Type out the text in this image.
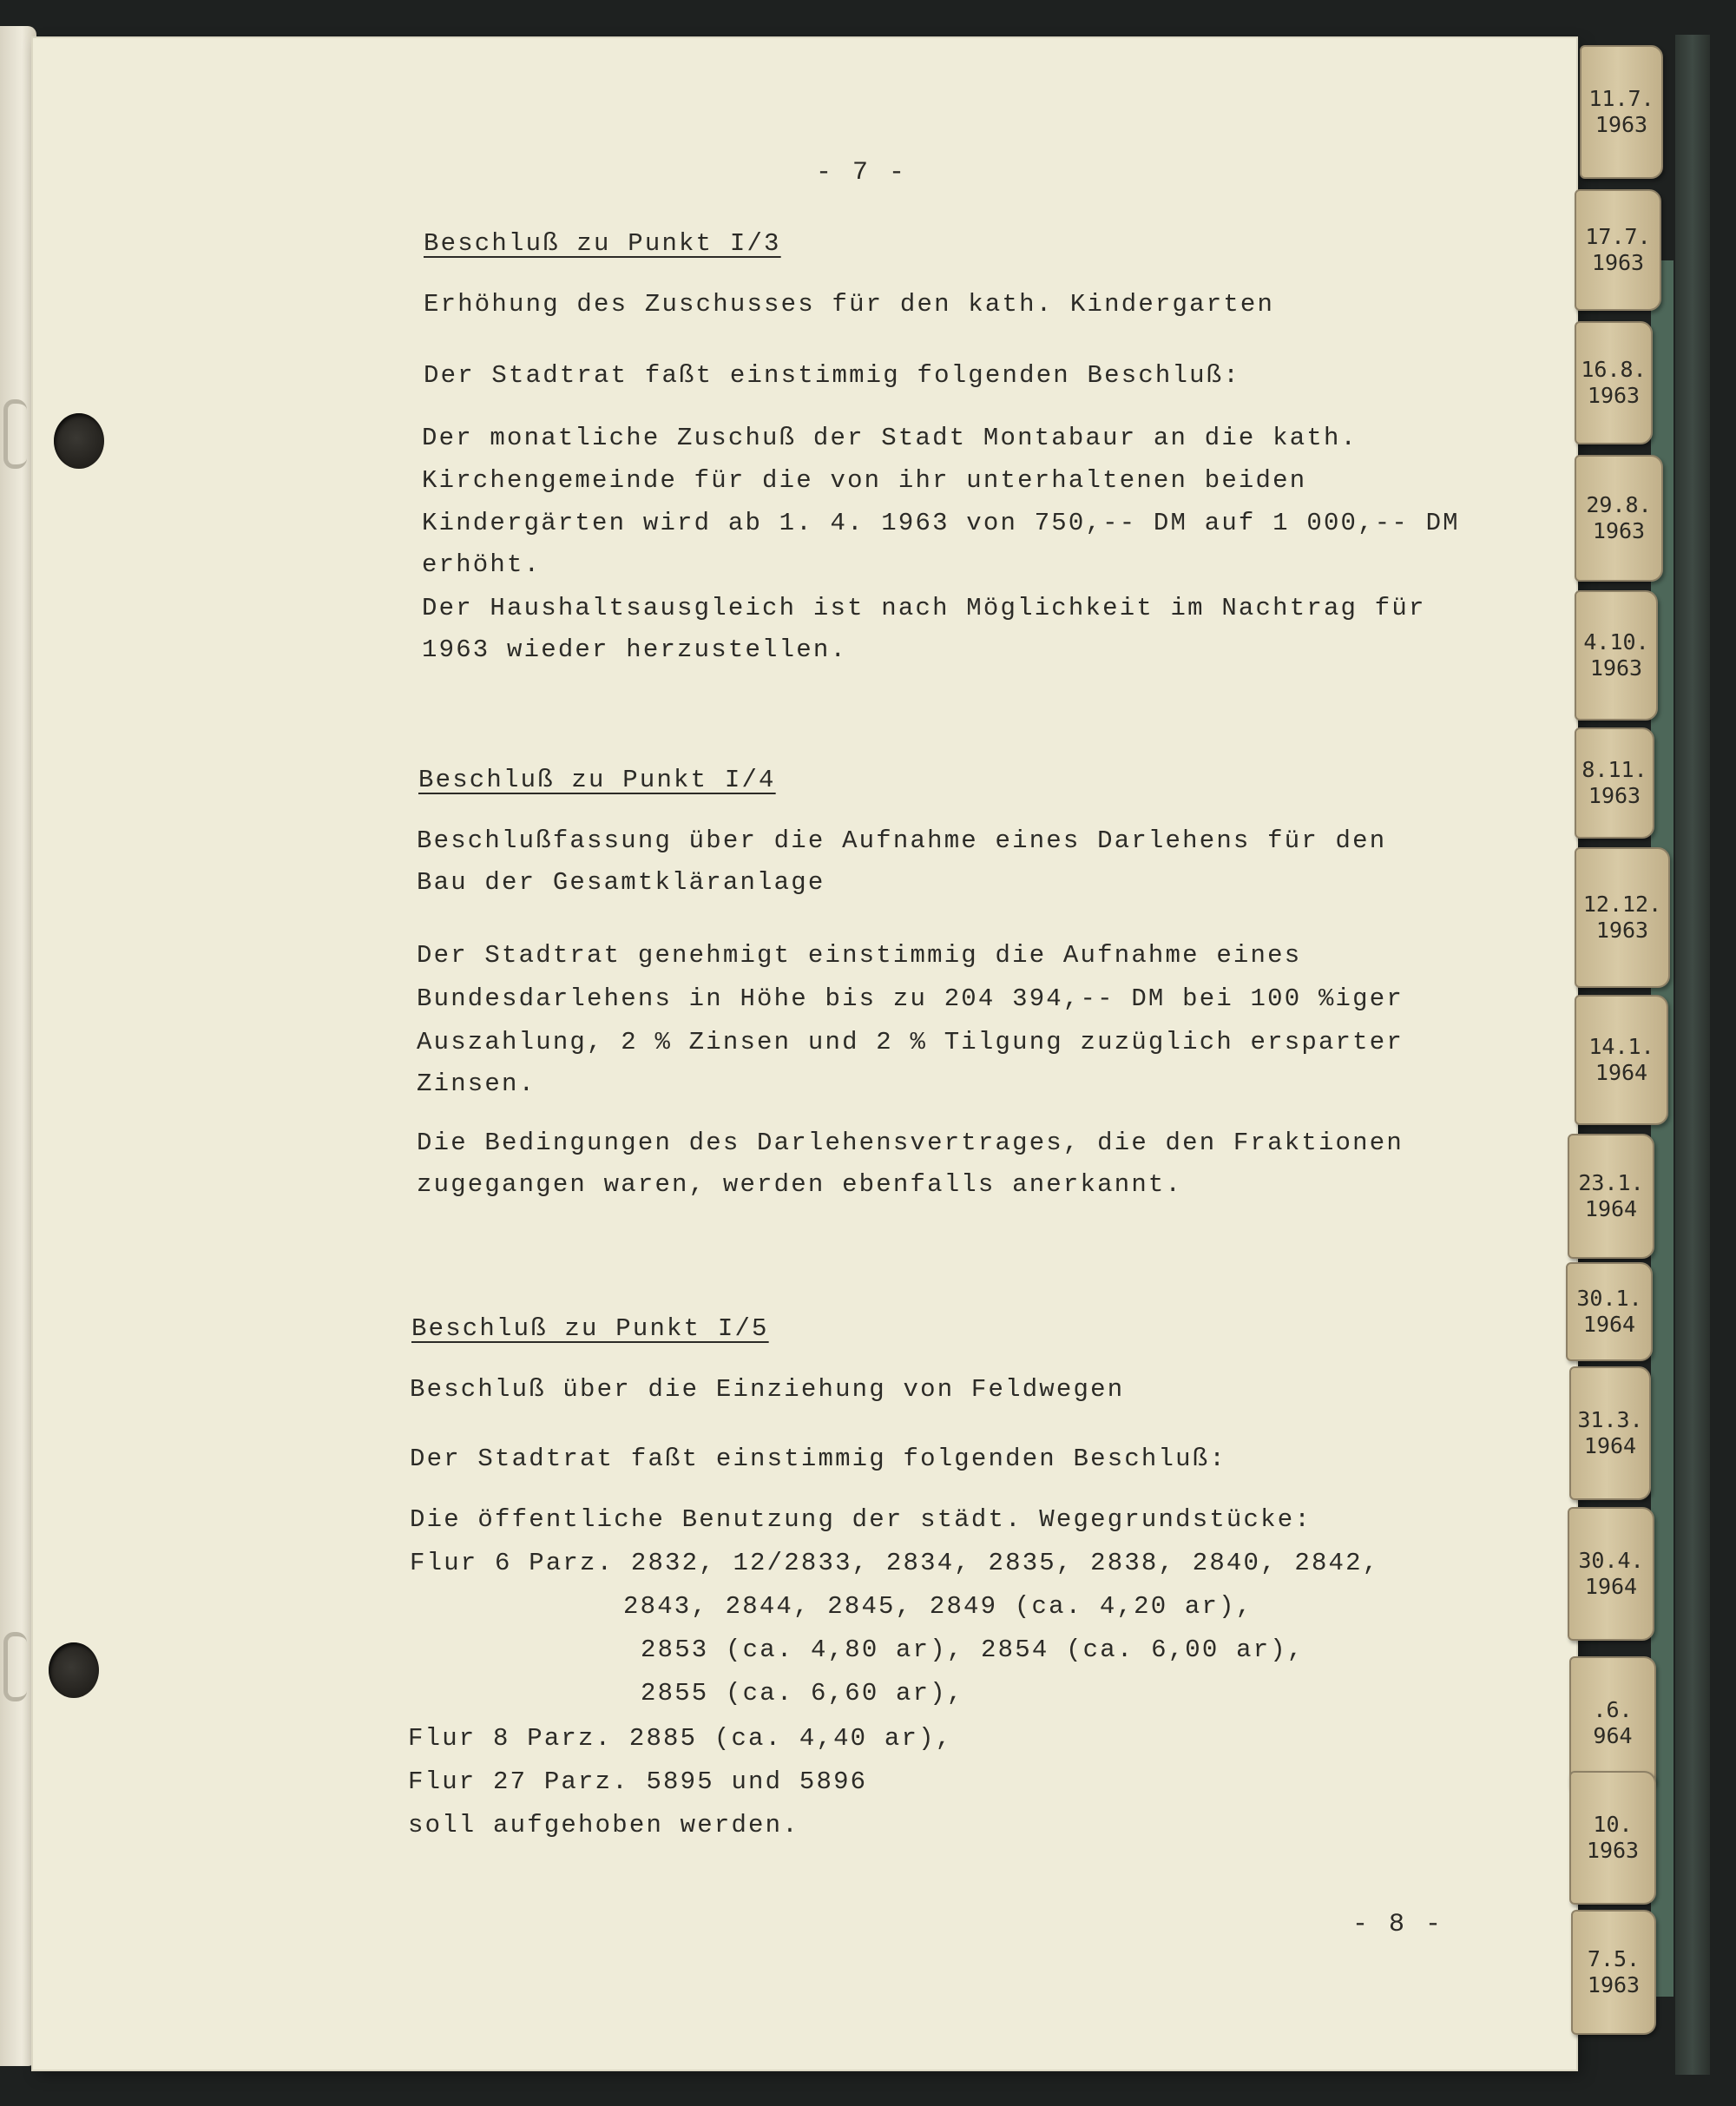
- 7 -
Beschluß zu Punkt I/3
Erhöhung des Zuschusses für den kath. Kindergarten
Der Stadtrat faßt einstimmig folgenden Beschluß:
Der monatliche Zuschuß der Stadt Montabaur an die kath.
Kirchengemeinde für die von ihr unterhaltenen beiden
Kindergärten wird ab 1. 4. 1963 von 750,-- DM auf 1 000,-- DM
erhöht.
Der Haushaltsausgleich ist nach Möglichkeit im Nachtrag für
1963 wieder herzustellen.
Beschluß zu Punkt I/4
Beschlußfassung über die Aufnahme eines Darlehens für den
Bau der Gesamtkläranlage
Der Stadtrat genehmigt einstimmig die Aufnahme eines
Bundesdarlehens in Höhe bis zu 204 394,-- DM bei 100 %iger
Auszahlung, 2 % Zinsen und 2 % Tilgung zuzüglich ersparter
Zinsen.
Die Bedingungen des Darlehensvertrages, die den Fraktionen
zugegangen waren, werden ebenfalls anerkannt.
Beschluß zu Punkt I/5
Beschluß über die Einziehung von Feldwegen
Der Stadtrat faßt einstimmig folgenden Beschluß:
Die öffentliche Benutzung der städt. Wegegrundstücke:
Flur 6 Parz. 2832, 12/2833, 2834, 2835, 2838, 2840, 2842,
2843, 2844, 2845, 2849 (ca. 4,20 ar),
2853 (ca. 4,80 ar), 2854 (ca. 6,00 ar),
2855 (ca. 6,60 ar),
Flur 8 Parz. 2885 (ca. 4,40 ar),
Flur 27 Parz. 5895 und 5896
soll aufgehoben werden.
- 8 -
11.7.
1963
17.7.
1963
16.8.
1963
29.8.
1963
4.10.
1963
8.11.
1963
12.12.
1963
14.1.
1964
23.1.
1964
30.1.
1964
31.3.
1964
30.4.
1964
.6.
964
10.
1963
7.5.
1963
